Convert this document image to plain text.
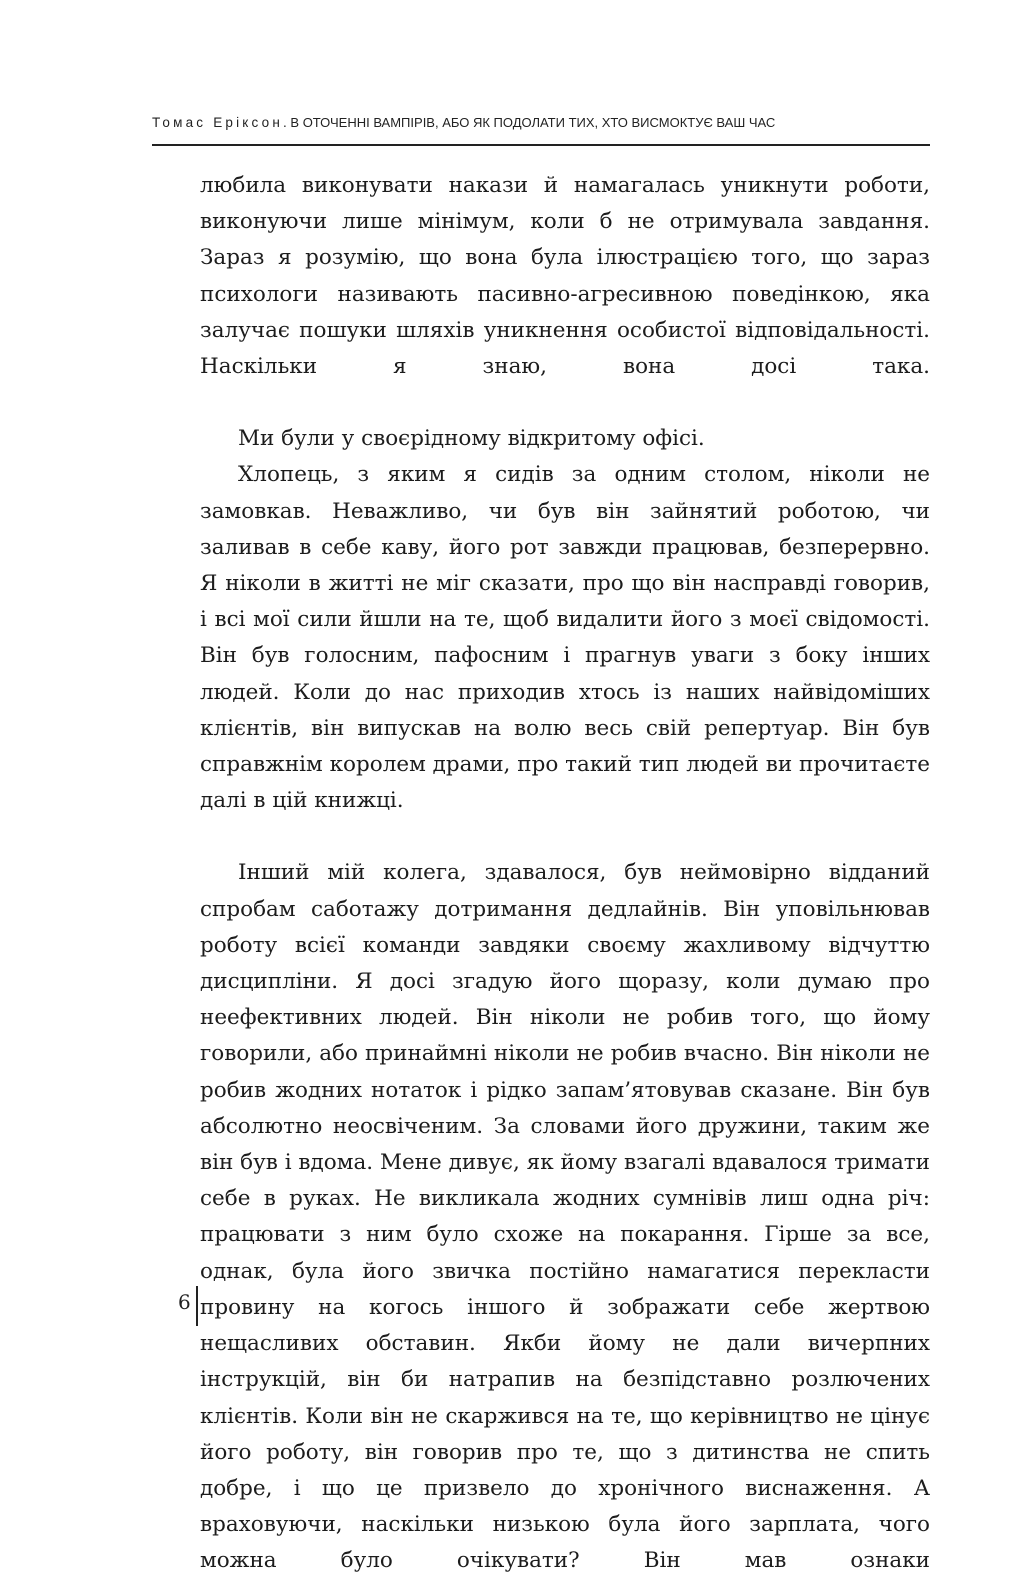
Томас Еріксон. В ОТОЧЕННІ ВАМПІРІВ, АБО ЯК ПОДОЛАТИ ТИХ, ХТО ВИСМОКТУЄ ВАШ ЧАС

любила виконувати накази й намагалась уникнути роботи, виконуючи лише мінімум, коли б не отримувала завдання. Зараз я розумію, що вона була ілюстрацією того, що зараз психологи називають пасивно-агресивною поведінкою, яка залучає пошуки шляхів уникнення особистої відповідальності. Наскільки я знаю, вона досі така.

Ми були у своєрідному відкритому офісі.

Хлопець, з яким я сидів за одним столом, ніколи не замовкав. Неважливо, чи був він зайнятий роботою, чи заливав в себе каву, його рот завжди працював, безперервно. Я ніколи в житті не міг сказати, про що він насправді говорив, і всі мої сили йшли на те, щоб видалити його з моєї свідомості. Він був голосним, пафосним і прагнув уваги з боку інших людей. Коли до нас приходив хтось із наших найвідоміших клієнтів, він випускав на волю весь свій репертуар. Він був справжнім королем драми, про такий тип людей ви прочитаєте далі в цій книжці.

Інший мій колега, здавалося, був неймовірно відданий спробам саботажу дотримання дедлайнів. Він уповільнював роботу всієї команди завдяки своєму жахливому відчуттю дисципліни. Я досі згадую його щоразу, коли думаю про неефективних людей. Він ніколи не робив того, що йому говорили, або принаймні ніколи не робив вчасно. Він ніколи не робив жодних нотаток і рідко запам’ятовував сказане. Він був абсолютно неосвіченим. За словами його дружини, таким же він був і вдома. Мене дивує, як йому взагалі вдавалося тримати себе в руках. Не викликала жодних сумнівів лиш одна річ: працювати з ним було схоже на покарання. Гірше за все, однак, була його звичка постійно намагатися перекласти провину на когось іншого й зображати себе жертвою нещасливих обставин. Якби йому не дали вичерпних інструкцій, він би натрапив на безпідставно розлючених клієнтів. Коли він не скаржився на те, що керівництво не цінує його роботу, він говорив про те, що з дитинства не спить добре, і що це призвело до хронічного виснаження. А враховуючи, наскільки низькою була його зарплата, чого можна було очікувати? Він мав ознаки

6
